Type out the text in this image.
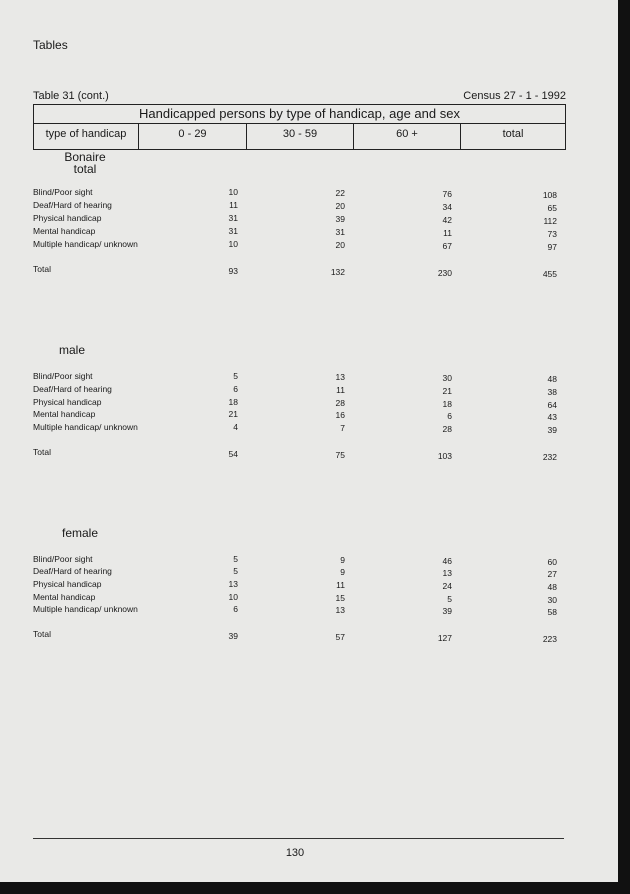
Tables
Table 31 (cont.)	Census 27 - 1 - 1992
Handicapped persons by type of handicap, age and sex
type of handicap	0 - 29	30 - 59	60 +	total
Bonaire
total
Blind/Poor sight	10	22	76	108
Deaf/Hard of hearing	11	20	34	65
Physical handicap	31	39	42	112
Mental handicap	31	31	11	73
Multiple handicap/ unknown	10	20	67	97
Total	93	132	230	455
male
Blind/Poor sight	5	13	30	48
Deaf/Hard of hearing	6	11	21	38
Physical handicap	18	28	18	64
Mental handicap	21	16	6	43
Multiple handicap/ unknown	4	7	28	39
Total	54	75	103	232
female
Blind/Poor sight	5	9	46	60
Deaf/Hard of hearing	5	9	13	27
Physical handicap	13	11	24	48
Mental handicap	10	15	5	30
Multiple handicap/ unknown	6	13	39	58
Total	39	57	127	223
130
